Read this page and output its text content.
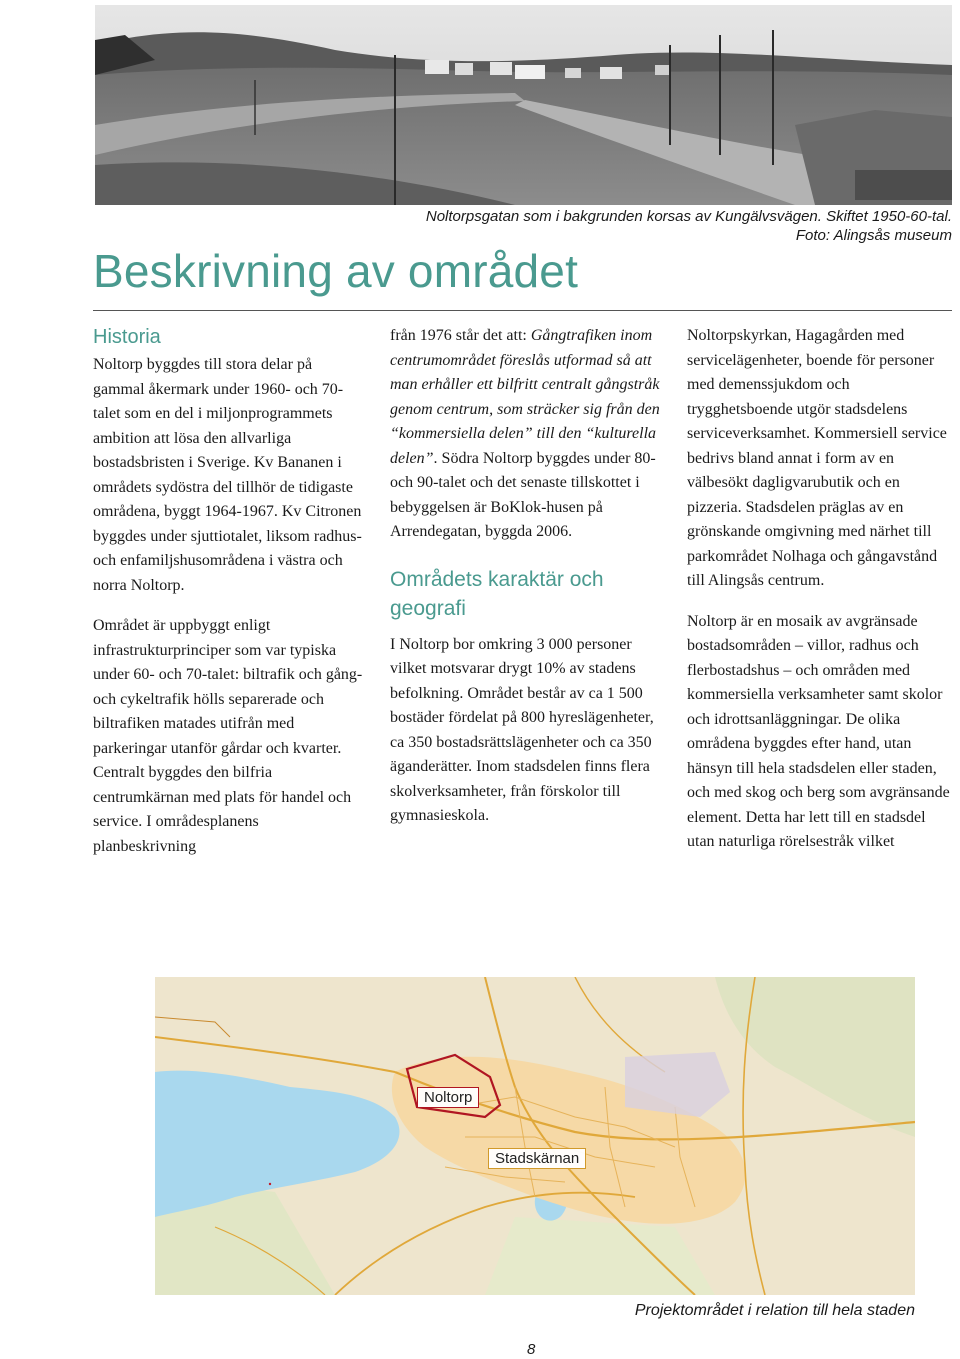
Noltorpsgatan som i bakgrunden korsas av Kungälvsvägen. Skiftet 1950-60-tal.
Foto: Alingsås museum
Beskrivning av området
Historia

Noltorp byggdes till stora delar på gammal åkermark under 1960- och 70-talet som en del i miljonprogrammets ambition att lösa den allvarliga bostadsbristen i Sverige. Kv Bananen i områdets sydöstra del tillhör de tidigaste områdena, byggt 1964-1967. Kv Citronen byggdes under sjuttiotalet, liksom radhus-och enfamiljshusområdena i västra och norra Noltorp.

Området är uppbyggt enligt infrastrukturprinciper som var typiska under 60- och 70-talet: biltrafik och gång- och cykeltrafik hölls separerade och biltrafiken matades utifrån med parkeringar utanför gårdar och kvarter. Centralt byggdes den bilfria centrumkärnan med plats för handel och service. I områdesplanens planbeskrivning

från 1976 står det att: Gångtrafiken inom centrumområdet föreslås utformad så att man erhåller ett bilfritt centralt gångstråk genom centrum, som sträcker sig från den “kommersiella delen” till den “kulturella delen”. Södra Noltorp byggdes under 80- och 90-talet och det senaste tillskottet i bebyggelsen är BoKlok-husen på Arrendegatan, byggda 2006.

Områdets karaktär och geografi

I Noltorp bor omkring 3 000 personer vilket motsvarar drygt 10% av stadens befolkning. Området består av ca 1 500 bostäder fördelat på 800 hyreslägenheter, ca 350 bostadsrättslägenheter och ca 350 äganderätter. Inom stadsdelen finns flera skolverksamheter, från förskolor till gymnasieskola.

Noltorpskyrkan, Hagagården med servicelägenheter, boende för personer med demenssjukdom och trygghetsboende utgör stadsdelens serviceverksamhet. Kommersiell service bedrivs bland annat i form av en välbesökt dagligvarubutik och en pizzeria. Stadsdelen präglas av en grönskande omgivning med närhet till parkområdet Nolhaga och gångavstånd till Alingsås centrum.

Noltorp är en mosaik av avgränsade bostadsområden – villor, radhus och flerbostadshus – och områden med kommersiella verksamheter samt skolor och idrottsanläggningar. De olika områdena byggdes efter hand, utan hänsyn till hela stadsdelen eller staden, och med skog och berg som avgränsande element. Detta har lett till en stadsdel utan naturliga rörelsestråk vilket

Noltorp
Stadskärnan
Projektområdet i relation till hela staden
8
